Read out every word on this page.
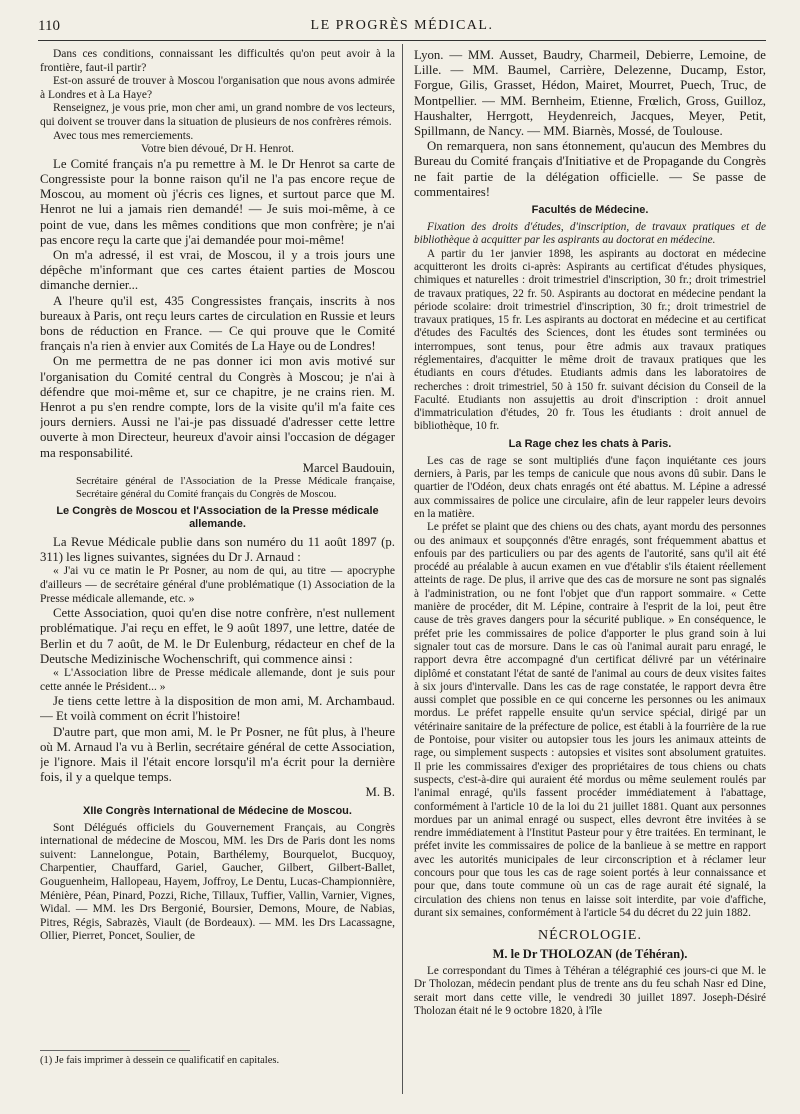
110	LE PROGRÈS MÉDICAL.

Dans ces conditions, connaissant les difficultés qu'on peut avoir à la frontière, faut-il partir?

Est-on assuré de trouver à Moscou l'organisation que nous avons admirée à Londres et à La Haye?

Renseignez, je vous prie, mon cher ami, un grand nombre de vos lecteurs, qui doivent se trouver dans la situation de plusieurs de nos confrères rémois.

Avec tous mes remerciements.

Votre bien dévoué, Dr H. Henrot.

Le Comité français n'a pu remettre à M. le Dr Henrot sa carte de Congressiste pour la bonne raison qu'il ne l'a pas encore reçue de Moscou, au moment où j'écris ces lignes, et surtout parce que M. Henrot ne lui a jamais rien demandé! — Je suis moi-même, à ce point de vue, dans les mêmes conditions que mon confrère; je n'ai pas encore reçu la carte que j'ai demandée pour moi-même!

On m'a adressé, il est vrai, de Moscou, il y a trois jours une dépêche m'informant que ces cartes étaient parties de Moscou dimanche dernier...

A l'heure qu'il est, 435 Congressistes français, inscrits à nos bureaux à Paris, ont reçu leurs cartes de circulation en Russie et leurs bons de réduction en France. — Ce qui prouve que le Comité français n'a rien à envier aux Comités de La Haye ou de Londres!

On me permettra de ne pas donner ici mon avis motivé sur l'organisation du Comité central du Congrès à Moscou; je n'ai à défendre que moi-même et, sur ce chapitre, je ne crains rien. M. Henrot a pu s'en rendre compte, lors de la visite qu'il m'a faite ces jours derniers. Aussi ne l'ai-je pas dissuadé d'adresser cette lettre ouverte à mon Directeur, heureux d'avoir ainsi l'occasion de dégager ma responsabilité.

Marcel Baudouin,

Secrétaire général de l'Association de la Presse Médicale française, Secrétaire général du Comité français du Congrès de Moscou.

Le Congrès de Moscou et l'Association de la Presse médicale allemande.

La Revue Médicale publie dans son numéro du 11 août 1897 (p. 311) les lignes suivantes, signées du Dr J. Arnaud :

« J'ai vu ce matin le Pr Posner, au nom de qui, au titre — apocryphe d'ailleurs — de secrétaire général d'une problématique (1) Association de la Presse médicale allemande, etc. »

Cette Association, quoi qu'en dise notre confrère, n'est nullement problématique. J'ai reçu en effet, le 9 août 1897, une lettre, datée de Berlin et du 7 août, de M. le Dr Eulenburg, rédacteur en chef de la Deutsche Medizinische Wochenschrift, qui commence ainsi :

« L'Association libre de Presse médicale allemande, dont je suis pour cette année le Président... »

Je tiens cette lettre à la disposition de mon ami, M. Archambaud. — Et voilà comment on écrit l'histoire!

D'autre part, que mon ami, M. le Pr Posner, ne fût plus, à l'heure où M. Arnaud l'a vu à Berlin, secrétaire général de cette Association, je l'ignore. Mais il l'était encore lorsqu'il m'a écrit pour la dernière fois, il y a quelque temps.

M. B.

XIIe Congrès International de Médecine de Moscou.

Sont Délégués officiels du Gouvernement Français, au Congrès international de médecine de Moscou, MM. les Drs de Paris dont les noms suivent: Lannelongue, Potain, Barthélemy, Bourquelot, Bucquoy, Charpentier, Chauffard, Gariel, Gaucher, Gilbert, Gilbert-Ballet, Gouguenheim, Hallopeau, Hayem, Joffroy, Le Dentu, Lucas-Championnière, Ménière, Péan, Pinard, Pozzi, Riche, Tillaux, Tuffier, Vallin, Varnier, Vignes, Widal. — MM. les Drs Bergonié, Boursier, Demons, Moure, de Nabias, Pitres, Régis, Sabrazès, Viault (de Bordeaux). — MM. les Drs Lacassagne, Ollier, Pierret, Poncet, Soulier, de

(1) Je fais imprimer à dessein ce qualificatif en capitales.

Lyon. — MM. Ausset, Baudry, Charmeil, Debierre, Lemoine, de Lille. — MM. Baumel, Carrière, Delezenne, Ducamp, Estor, Forgue, Gilis, Grasset, Hédon, Mairet, Mourret, Puech, Truc, de Montpellier. — MM. Bernheim, Etienne, Frœlich, Gross, Guilloz, Haushalter, Herrgott, Heydenreich, Jacques, Meyer, Petit, Spillmann, de Nancy. — MM. Biarnès, Mossé, de Toulouse.

On remarquera, non sans étonnement, qu'aucun des Membres du Bureau du Comité français d'Initiative et de Propagande du Congrès ne fait partie de la délégation officielle. — Se passe de commentaires!

Facultés de Médecine.

Fixation des droits d'études, d'inscription, de travaux pratiques et de bibliothèque à acquitter par les aspirants au doctorat en médecine.

A partir du 1er janvier 1898, les aspirants au doctorat en médecine acquitteront les droits ci-après: Aspirants au certificat d'études physiques, chimiques et naturelles : droit trimestriel d'inscription, 30 fr.; droit trimestriel de travaux pratiques, 22 fr. 50. Aspirants au doctorat en médecine pendant la période scolaire: droit trimestriel d'inscription, 30 fr.; droit trimestriel de travaux pratiques, 15 fr. Les aspirants au doctorat en médecine et au certificat d'études des Facultés des Sciences, dont les études sont terminées ou interrompues, sont tenus, pour être admis aux travaux pratiques réglementaires, d'acquitter le même droit de travaux pratiques que les étudiants en cours d'études. Etudiants admis dans les laboratoires de recherches : droit trimestriel, 50 à 150 fr. suivant décision du Conseil de la Faculté. Etudiants non assujettis au droit d'inscription : droit annuel d'immatriculation d'études, 20 fr. Tous les étudiants : droit annuel de bibliothèque, 10 fr.

La Rage chez les chats à Paris.

Les cas de rage se sont multipliés d'une façon inquiétante ces jours derniers, à Paris, par les temps de canicule que nous avons dû subir. Dans le quartier de l'Odéon, deux chats enragés ont été abattus. M. Lépine a adressé aux commissaires de police une circulaire, afin de leur rappeler leurs devoirs en la matière.

Le préfet se plaint que des chiens ou des chats, ayant mordu des personnes ou des animaux et soupçonnés d'être enragés, sont fréquemment abattus et enfouis par des particuliers ou par des agents de l'autorité, sans qu'il ait été procédé au préalable à aucun examen en vue d'établir s'ils étaient réellement atteints de rage. De plus, il arrive que des cas de morsure ne sont pas signalés à l'administration, ou ne font l'objet que d'un rapport sommaire. « Cette manière de procéder, dit M. Lépine, contraire à l'esprit de la loi, peut être cause de très graves dangers pour la sécurité publique. » En conséquence, le préfet prie les commissaires de police d'apporter le plus grand soin à lui signaler tout cas de morsure. Dans le cas où l'animal aurait paru enragé, le rapport devra être accompagné d'un certificat délivré par un vétérinaire diplômé et constatant l'état de santé de l'animal au cours de deux visites faites à six jours d'intervalle. Dans les cas de rage constatée, le rapport devra être aussi complet que possible en ce qui concerne les personnes ou les animaux mordus. Le préfet rappelle ensuite qu'un service spécial, dirigé par un vétérinaire sanitaire de la préfecture de police, est établi à la fourrière de la rue de Pontoise, pour visiter ou autopsier tous les jours les animaux atteints de rage, ou simplement suspects : autopsies et visites sont absolument gratuites. Il prie les commissaires d'exiger des propriétaires de tous chiens ou chats suspects, c'est-à-dire qui auraient été mordus ou même seulement roulés par l'animal enragé, qu'ils fassent procéder immédiatement à l'abattage, conformément à l'article 10 de la loi du 21 juillet 1881. Quant aux personnes mordues par un animal enragé ou suspect, elles devront être invitées à se rendre immédiatement à l'Institut Pasteur pour y être traitées. En terminant, le préfet invite les commissaires de police de la banlieue à se mettre en rapport avec les autorités municipales de leur circonscription et à réclamer leur concours pour que tous les cas de rage soient portés à leur connaissance et pour que, dans toute commune où un cas de rage aurait été signalé, la circulation des chiens non tenus en laisse soit interdite, par voie d'affiche, durant six semaines, conformément à l'article 54 du décret du 22 juin 1882.

NÉCROLOGIE.
M. le Dr THOLOZAN (de Téhéran).

Le correspondant du Times à Téhéran a télégraphié ces jours-ci que M. le Dr Tholozan, médecin pendant plus de trente ans du feu schah Nasr ed Dine, serait mort dans cette ville, le vendredi 30 juillet 1897. Joseph-Désiré Tholozan était né le 9 octobre 1820, à l'île
